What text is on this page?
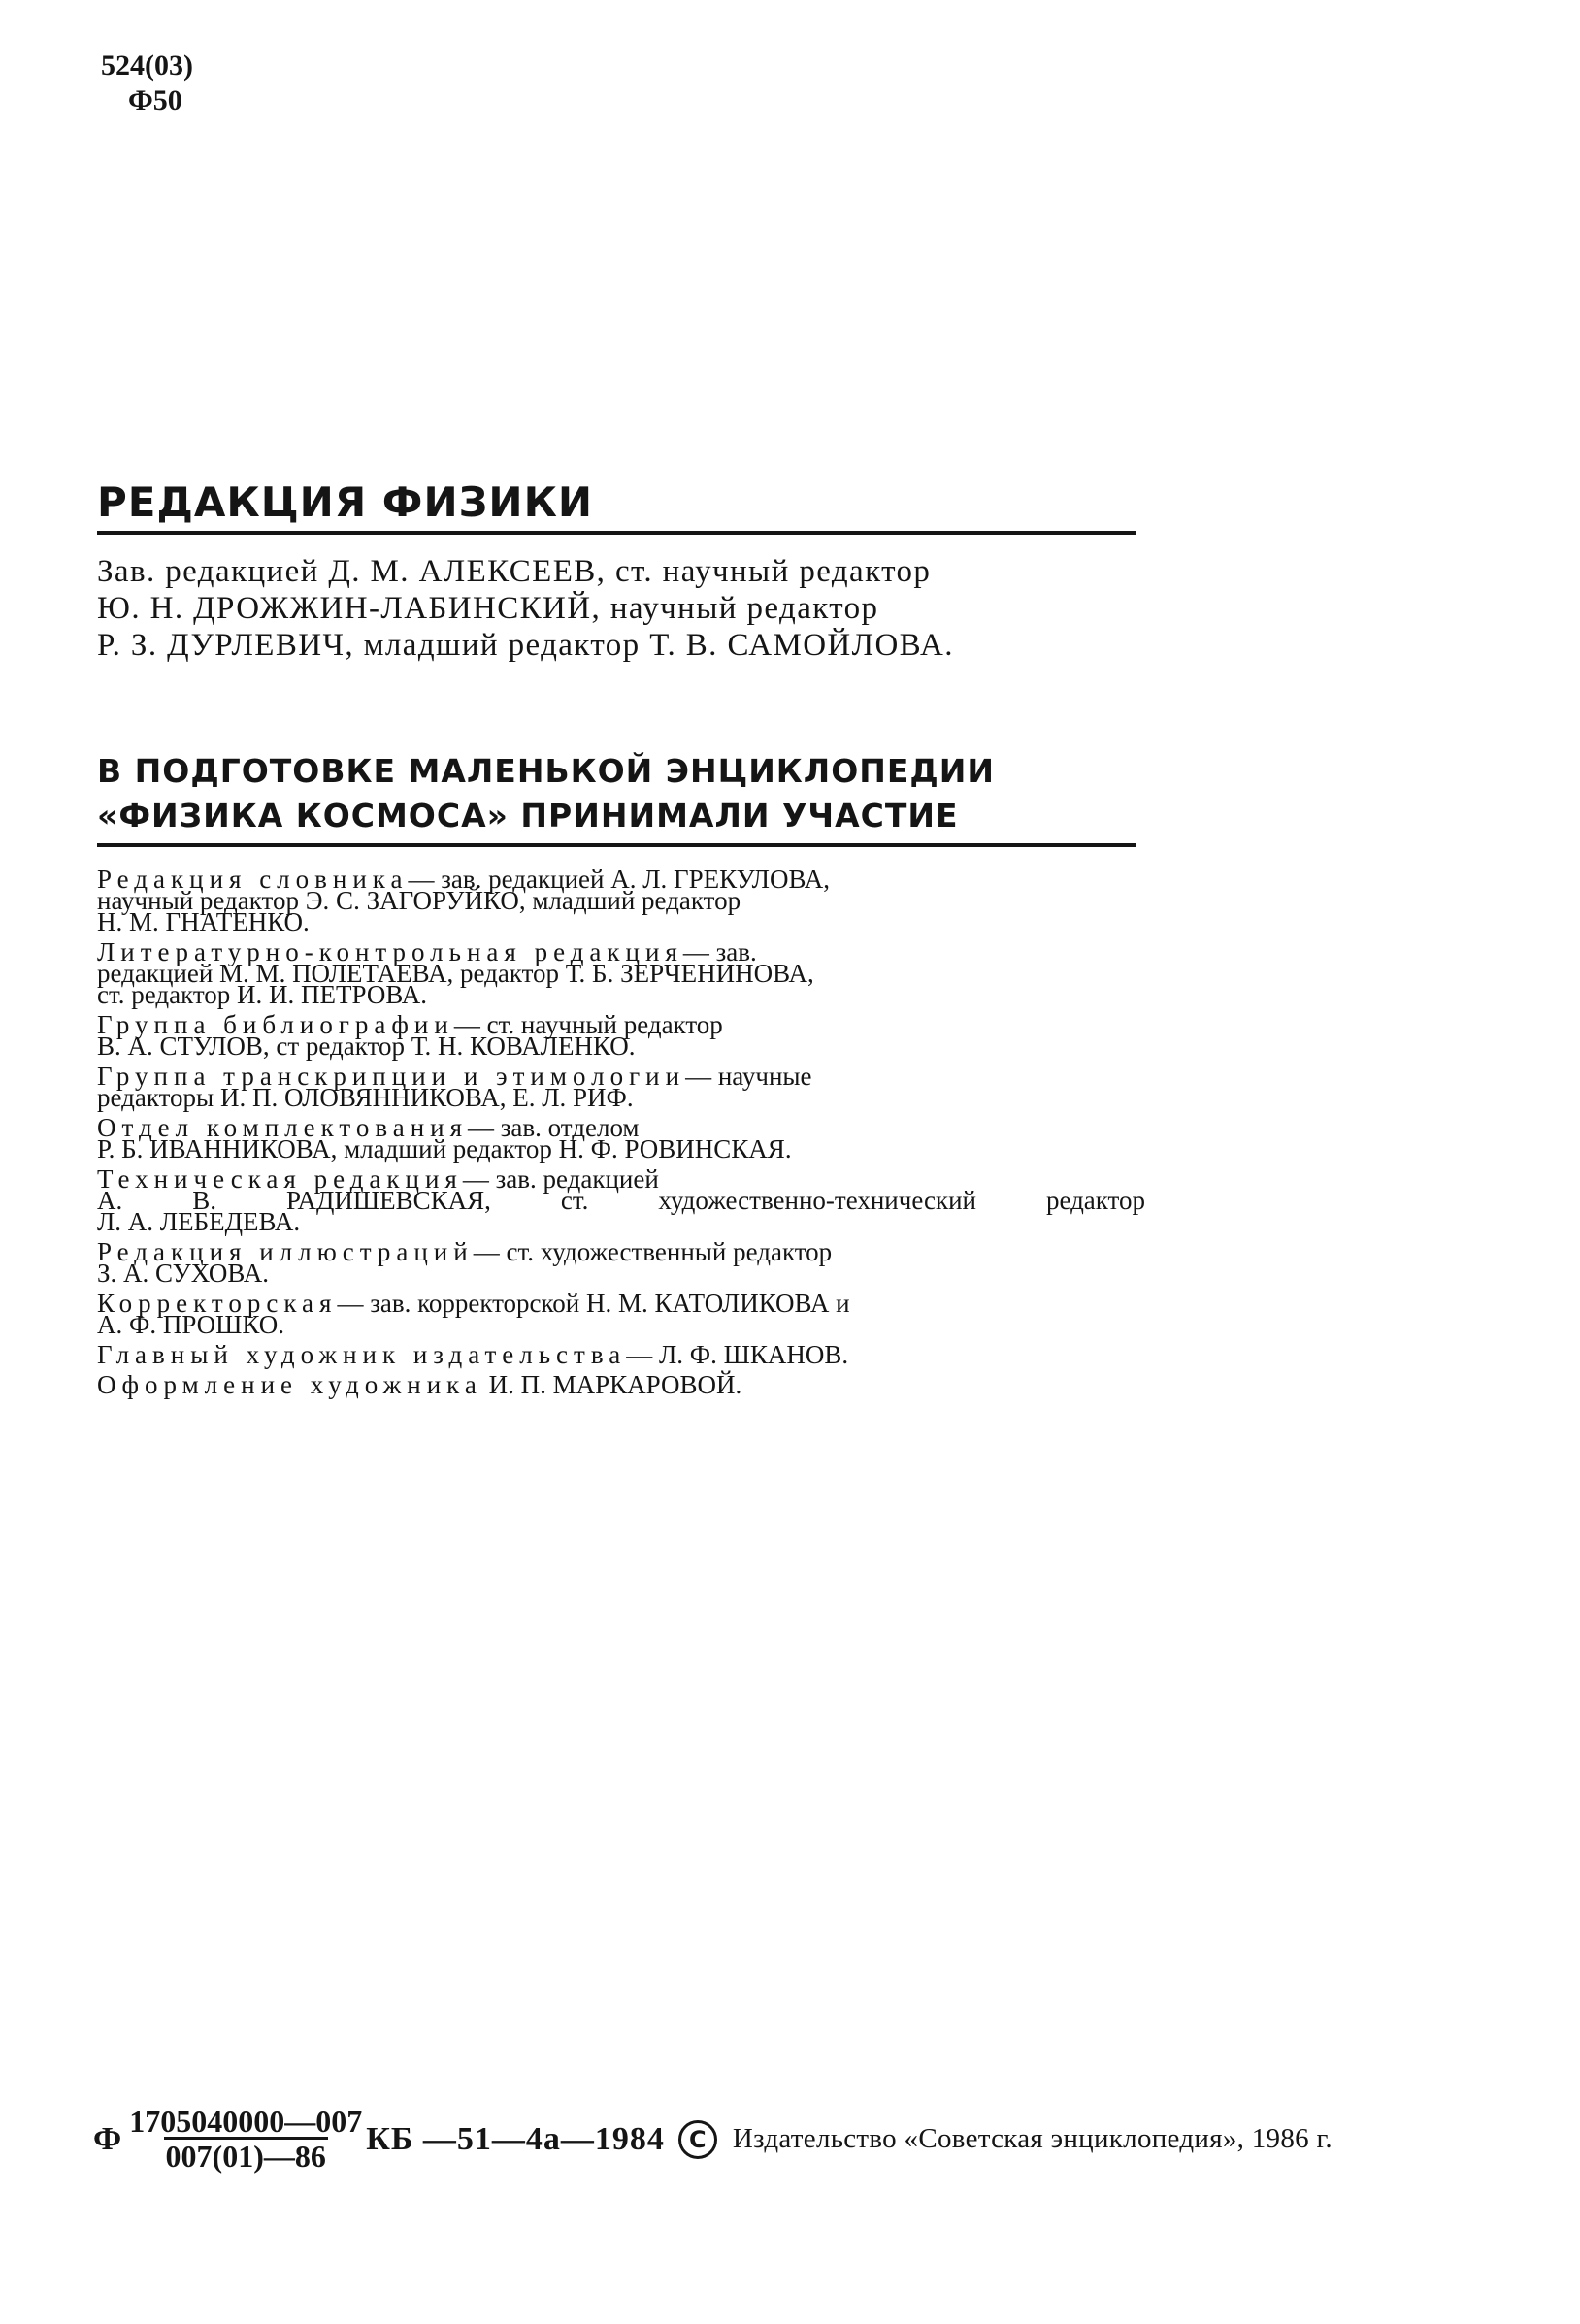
524(03)
Ф50
РЕДАКЦИЯ ФИЗИКИ
Зав. редакцией Д. М. АЛЕКСЕЕВ, ст. научный редактор
Ю. Н. ДРОЖЖИН-ЛАБИНСКИЙ, научный редактор
Р. З. ДУРЛЕВИЧ, младший редактор Т. В. САМОЙЛОВА.
В ПОДГОТОВКЕ МАЛЕНЬКОЙ ЭНЦИКЛОПЕДИИ
«ФИЗИКА КОСМОСА» ПРИНИМАЛИ УЧАСТИЕ
Редакция словника— зав. редакцией А. Л. ГРЕКУЛОВА,
научный редактор Э. С. ЗАГОРУЙКО, младший редактор
Н. М. ГНАТЕНКО.
Литературно-контрольная редакция— зав.
редакцией М. М. ПОЛЕТАЕВА, редактор Т. Б. ЗЕРЧЕНИНОВА,
ст. редактор И. И. ПЕТРОВА.
Группа библиографии— ст. научный редактор
В. А. СТУЛОВ, ст редактор Т. Н. КОВАЛЕНКО.
Группа транскрипции и этимологии— научные
редакторы И. П. ОЛОВЯННИКОВА, Е. Л. РИФ.
Отдел комплектования— зав. отделом
Р. Б. ИВАННИКОВА, младший редактор Н. Ф. РОВИНСКАЯ.
Техническая редакция— зав. редакцией
А. В. РАДИШЕВСКАЯ, ст. художественно-технический редактор
Л. А. ЛЕБЕДЕВА.
Редакция иллюстраций— ст. художественный редактор
З. А. СУХОВА.
Корректорская— зав. корректорской Н. М. КАТОЛИКОВА и
А. Ф. ПРОШКО.
Главный художник издательства— Л. Ф. ШКАНОВ.
Оформление художника И. П. МАРКАРОВОЙ.
Ф $\frac{1705040000—007}{007(01)—86}$ КБ —51—4а—1984	C Издательство «Советская энциклопедия», 1986 г.
